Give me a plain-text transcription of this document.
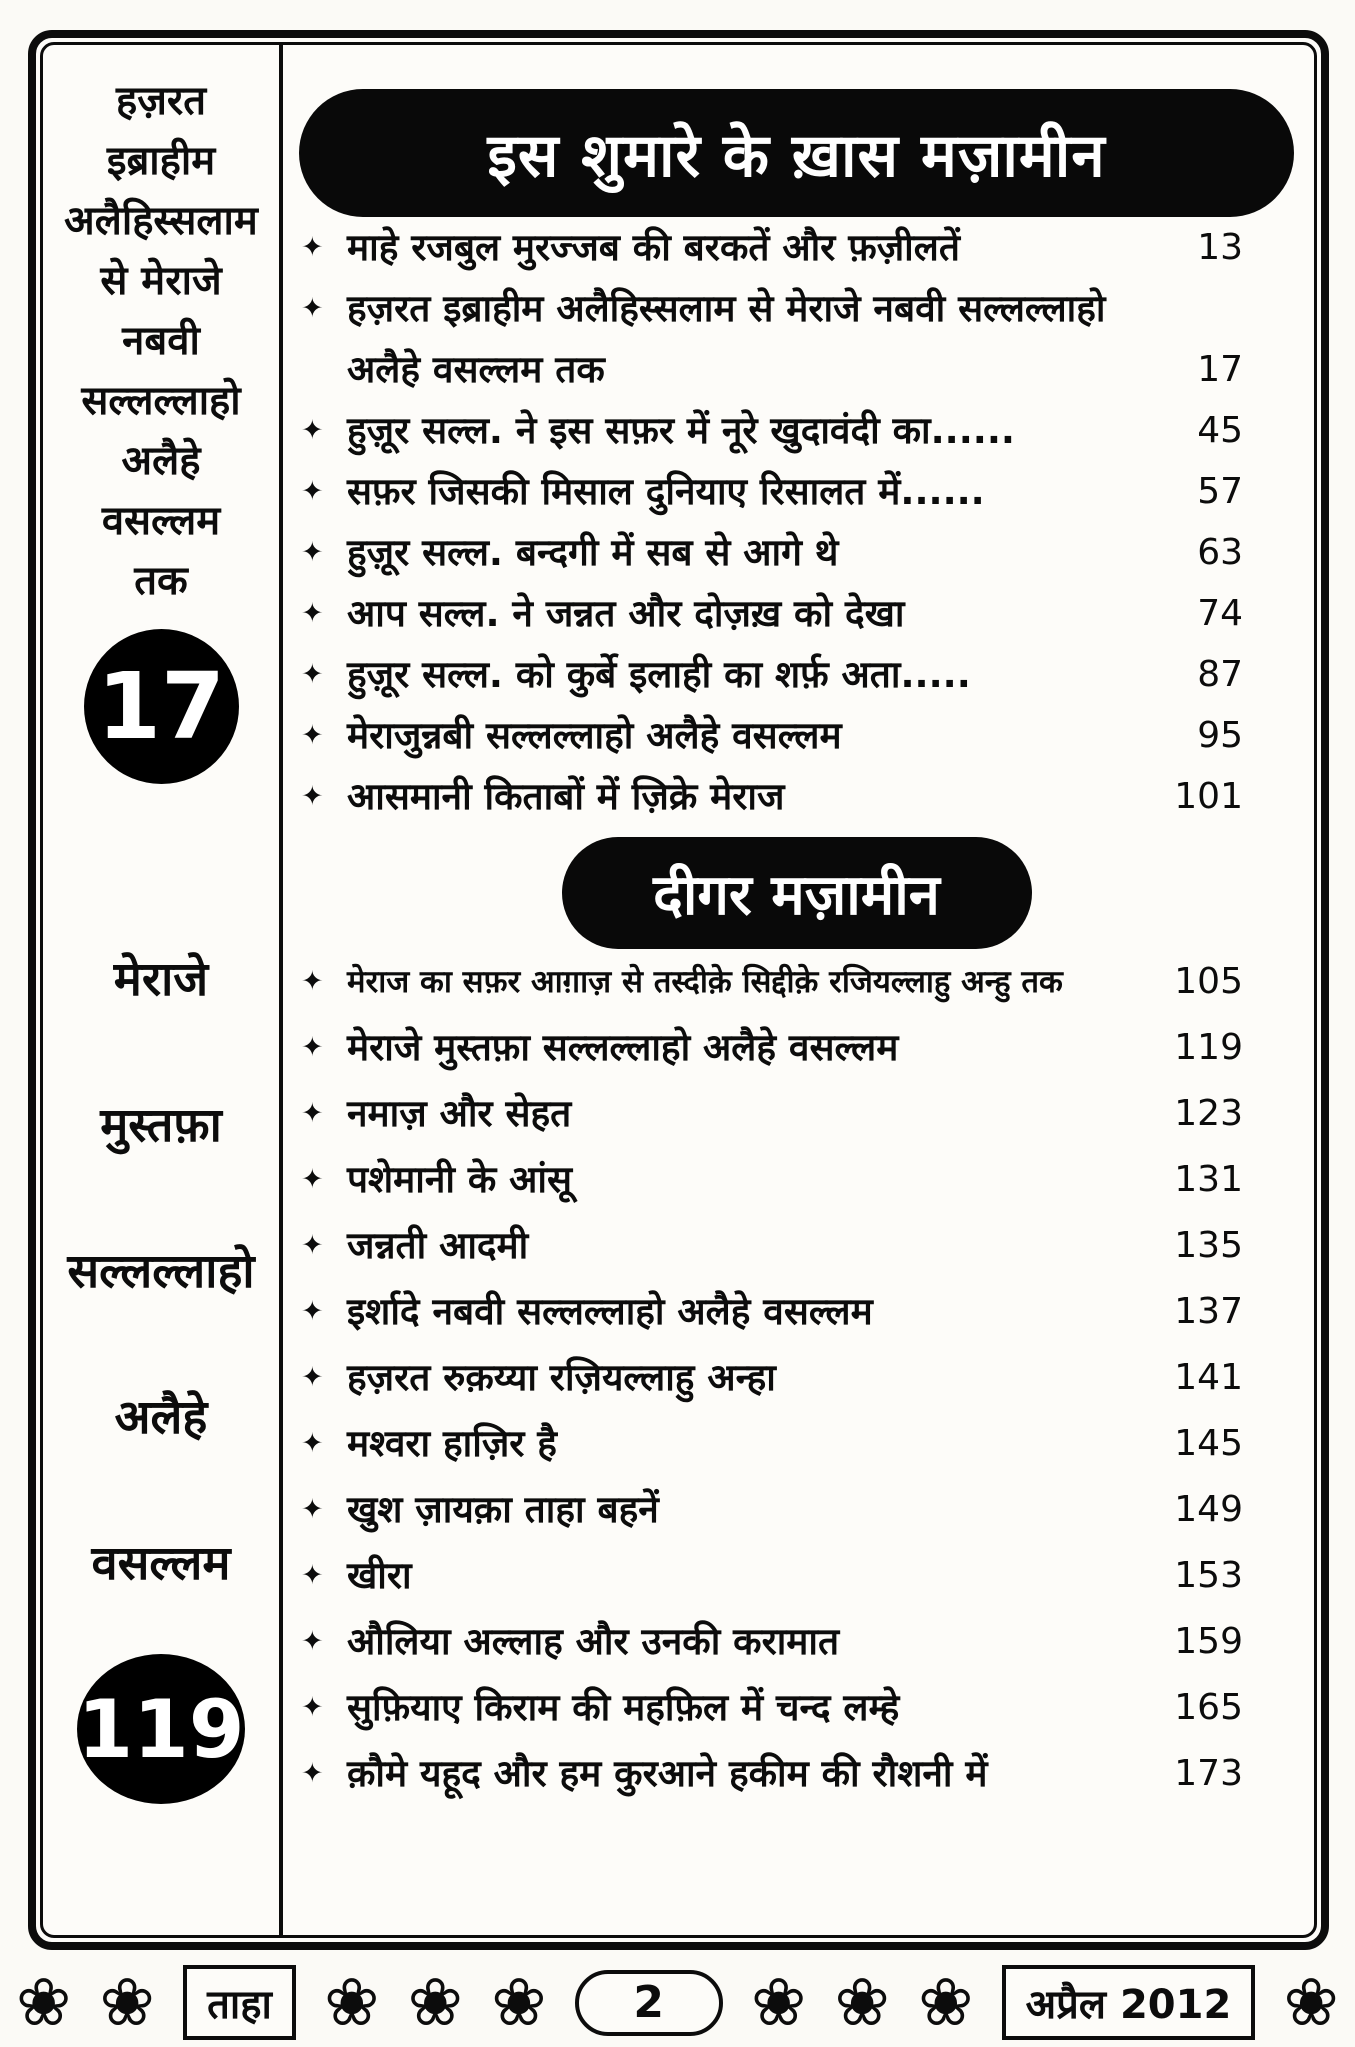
हज़रत
इब्राहीम
अलैहिस्सलाम
से मेराजे
नबवी
सल्लल्लाहो
अलैहे
वसल्लम
तक
17
मेराजे
मुस्तफ़ा
सल्लल्लाहो
अलैहे
वसल्लम
119
इस शुमारे के ख़ास मज़ामीन
✦ माहे रजबुल मुरज्जब की बरकतें और फ़ज़ीलतें	13
✦ हज़रत इब्राहीम अलैहिस्सलाम से मेराजे नबवी सल्लल्लाहो अलैहे वसल्लम तक	17
✦ हुज़ूर सल्ल. ने इस सफ़र में नूरे खुदावंदी का......	45
✦ सफ़र जिसकी मिसाल दुनियाए रिसालत में......	57
✦ हुज़ूर सल्ल. बन्दगी में सब से आगे थे	63
✦ आप सल्ल. ने जन्नत और दोज़ख़ को देखा	74
✦ हुज़ूर सल्ल. को कुर्बे इलाही का शर्फ़ अता.....	87
✦ मेराजुन्नबी सल्लल्लाहो अलैहे वसल्लम	95
✦ आसमानी किताबों में ज़िक्रे मेराज	101
दीगर मज़ामीन
✦ मेराज का सफ़र आग़ाज़ से तस्दीक़े सिद्दीक़े रजियल्लाहु अन्हु तक	105
✦ मेराजे मुस्तफ़ा सल्लल्लाहो अलैहे वसल्लम	119
✦ नमाज़ और सेहत	123
✦ पशेमानी के आंसू	131
✦ जन्नती आदमी	135
✦ इर्शादे नबवी सल्लल्लाहो अलैहे वसल्लम	137
✦ हज़रत रुक़य्या रज़ियल्लाहु अन्हा	141
✦ मश्वरा हाज़िर है	145
✦ खुश ज़ायक़ा ताहा बहनें	149
✦ खीरा	153
✦ औलिया अल्लाह और उनकी करामात	159
✦ सुफ़ियाए किराम की महफ़िल में चन्द लम्हे	165
✦ क़ौमे यहूद और हम कुरआने हकीम की रौशनी में	173
❀ ❀	ताहा ❀ ❀ ❀	2	❀ ❀ ❀	अप्रैल 2012 ❀
